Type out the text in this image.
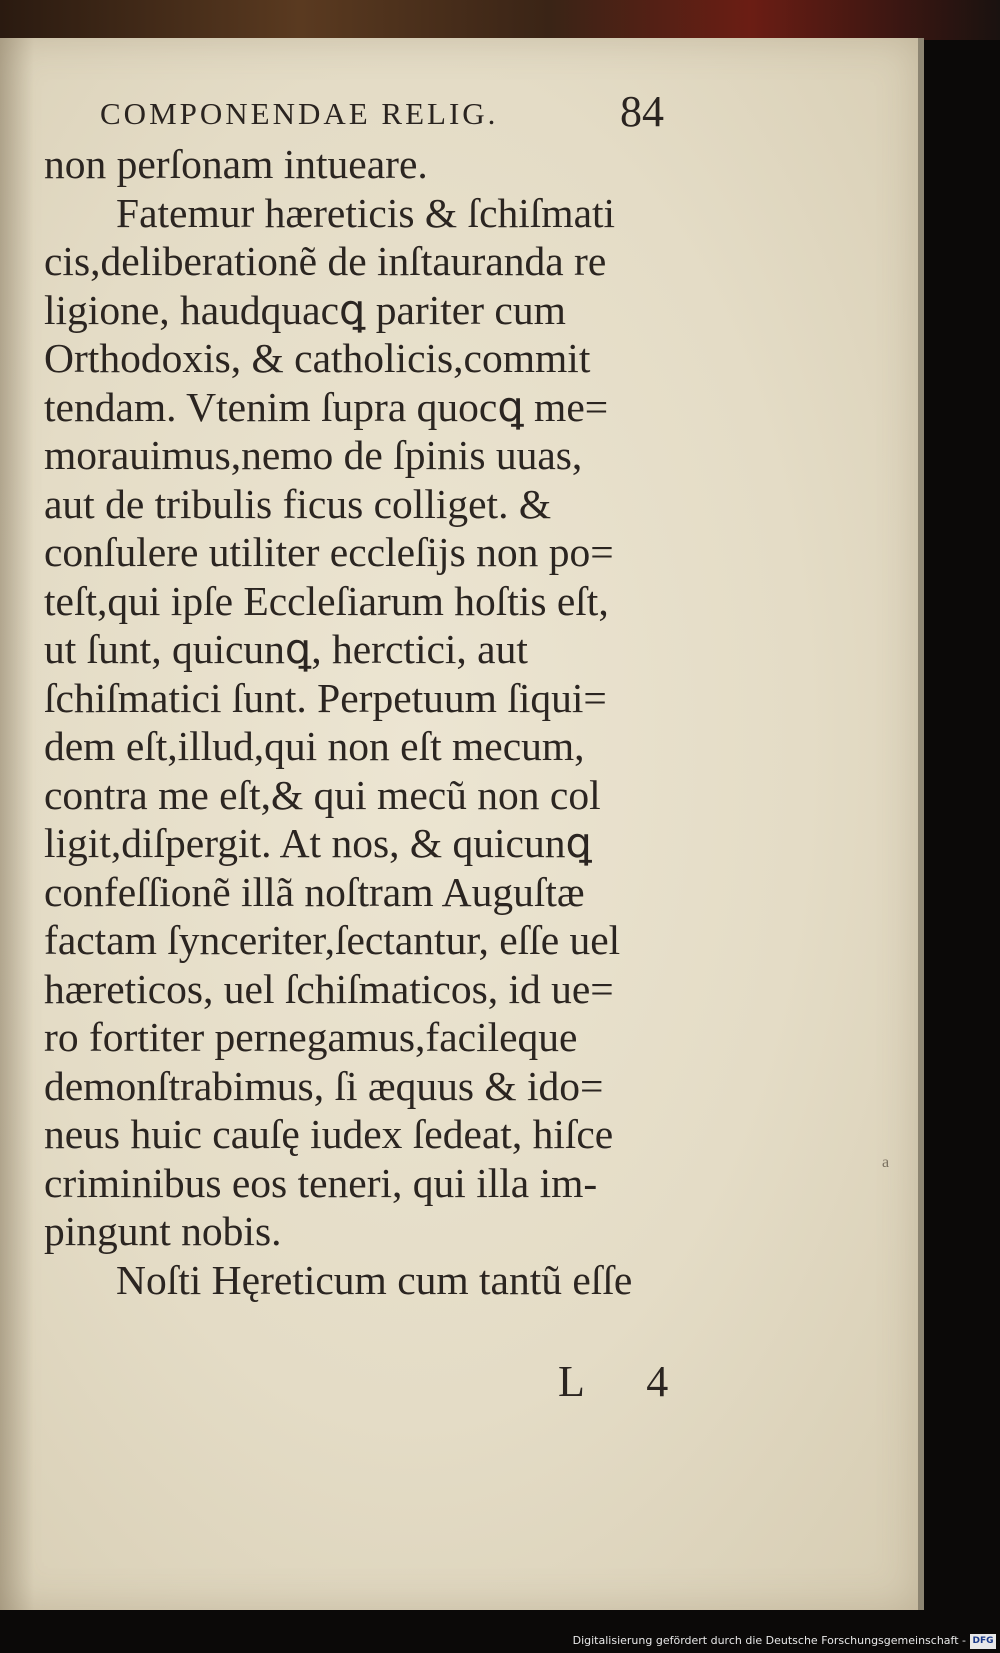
COMPONENDAE RELIG.	84
non perſonam intueare.
Fatemur hæreticis & ſchiſmati
cis,deliberationẽ de inſtauranda re
ligione, haudquacꝗ pariter cum
Orthodoxis, & catholicis,commit
tendam. Vtenim ſupra quocꝗ me=
morauimus,nemo de ſpinis uuas,
aut de tribulis ficus colliget. &
conſulere utiliter eccleſijs non po=
teſt,qui ipſe Eccleſiarum hoſtis eſt,
ut ſunt, quicunꝗ, herctici, aut
ſchiſmatici ſunt. Perpetuum ſiqui=
dem eſt,illud,qui non eſt mecum,
contra me eſt,& qui mecũ non col
ligit,diſpergit. At nos, & quicunꝗ
confeſſionẽ illã noſtram Auguſtæ
factam ſynceriter,ſectantur, eſſe uel
hæreticos, uel ſchiſmaticos, id ue=
ro fortiter pernegamus,facileque
demonſtrabimus, ſi æquus & ido=
neus huic cauſę iudex ſedeat, hiſce
criminibus eos teneri, qui illa im-
pingunt nobis.
Noſti Hęreticum cum tantũ eſſe
L 4
a
Digitalisierung gefördert durch die Deutsche Forschungsgemeinschaft - DFG
